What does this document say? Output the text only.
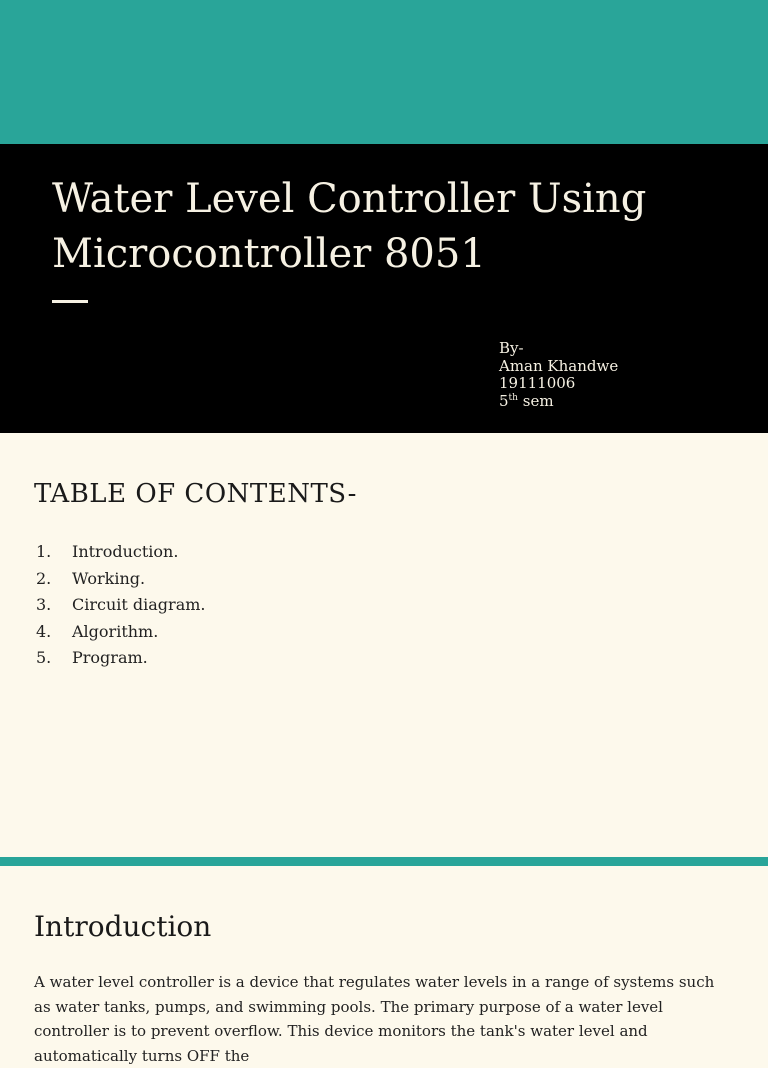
Water Level Controller Using
Microcontroller 8051
By-
Aman Khandwe
19111006
5th sem
TABLE OF CONTENTS-
1. Introduction.
2. Working.
3. Circuit diagram.
4. Algorithm.
5. Program.
Introduction

A water level controller is a device that regulates water levels in a range of systems such as water tanks, pumps, and swimming pools. The primary purpose of a water level controller is to prevent overflow. This device monitors the tank's water level and automatically turns OFF the
